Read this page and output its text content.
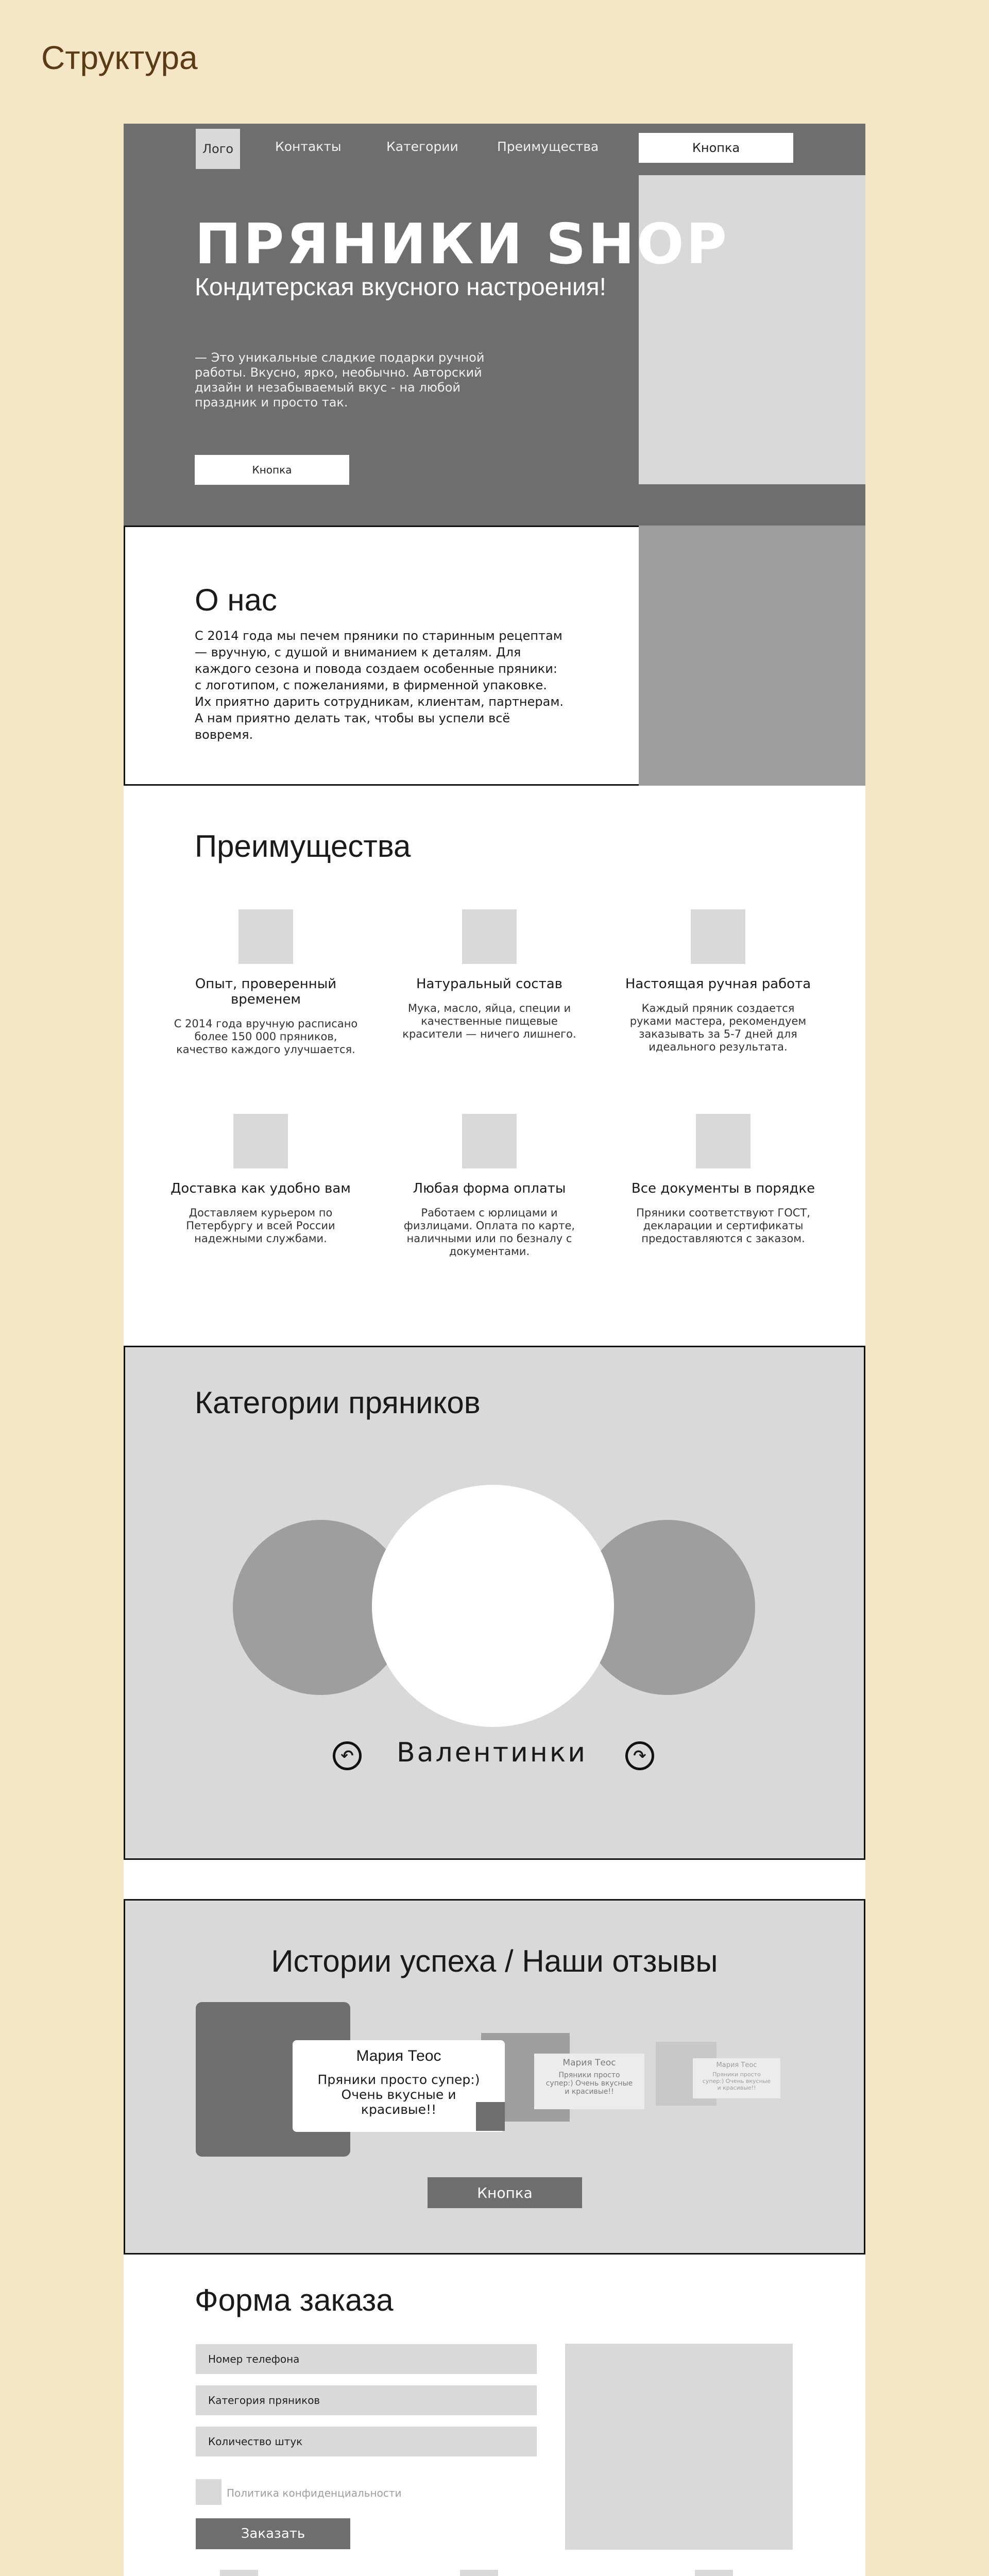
Структура
Лого	Контакты	Категории	Преимущества	Кнопка
ПРЯНИКИ SHOP
Кондитерская вкусного настроения!
— Это уникальные сладкие подарки ручной работы. Вкусно, ярко, необычно. Авторский дизайн и незабываемый вкус - на любой праздник и просто так.
Кнопка
О нас
С 2014 года мы печем пряники по старинным рецептам — вручную, с душой и вниманием к деталям. Для каждого сезона и повода создаем особенные пряники: с логотипом, с пожеланиями, в фирменной упаковке. Их приятно дарить сотрудникам, клиентам, партнерам. А нам приятно делать так, чтобы вы успели всё вовремя.
Преимущества
Опыт, проверенный временем
С 2014 года вручную расписано более 150 000 пряников, качество каждого улучшается.
Натуральный состав
Мука, масло, яйца, специи и качественные пищевые красители — ничего лишнего.
Настоящая ручная работа
Каждый пряник создается руками мастера, рекомендуем заказывать за 5-7 дней для идеального результата.
Доставка как удобно вам
Доставляем курьером по Петербургу и всей России надежными службами.
Любая форма оплаты
Работаем с юрлицами и физлицами. Оплата по карте, наличными или по безналу с документами.
Все документы в порядке
Пряники соответствуют ГОСТ, декларации и сертификаты предоставляются с заказом.
Категории пряников
↶ Валентинки	↷
Истории успеха / Наши отзывы
Мария Теос
Пряники просто супер:) Очень вкусные и красивые!!
Мария Теос
Пряники просто супер:) Очень вкусные и красивые!!
Мария Теос
Пряники просто супер:) Очень вкусные и красивые!!
Кнопка
Форма заказа
Номер телефона
Категория пряников
Количество штук
Политика конфиденциальности
Заказать
